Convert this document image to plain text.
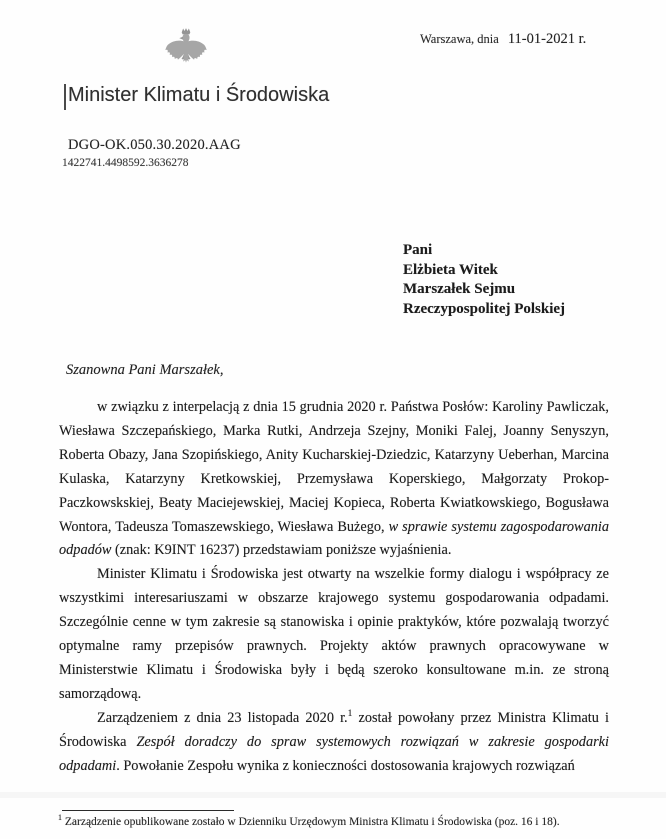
Warszawa, dnia 11-01-2021 r.
Minister Klimatu i Środowiska
DGO-OK.050.30.2020.AAG
1422741.4498592.3636278
Pani
Elżbieta Witek
Marszałek Sejmu
Rzeczypospolitej Polskiej
Szanowna Pani Marszałek,

w związku z interpelacją z dnia 15 grudnia 2020 r. Państwa Posłów: Karoliny Pawliczak, Wiesława Szczepańskiego, Marka Rutki, Andrzeja Szejny, Moniki Falej, Joanny Senyszyn, Roberta Obazy, Jana Szopińskiego, Anity Kucharskiej-Dziedzic, Katarzyny Ueberhan, Marcina Kulaska, Katarzyny Kretkowskiej, Przemysława Koperskiego, Małgorzaty Prokop-Paczkowskskiej, Beaty Maciejewskiej, Maciej Kopieca, Roberta Kwiatkowskiego, Bogusława Wontora, Tadeusza Tomaszewskiego, Wiesława Bużego, w sprawie systemu zagospodarowania odpadów (znak: K9INT 16237) przedstawiam poniższe wyjaśnienia.

Minister Klimatu i Środowiska jest otwarty na wszelkie formy dialogu i współpracy ze wszystkimi interesariuszami w obszarze krajowego systemu gospodarowania odpadami. Szczególnie cenne w tym zakresie są stanowiska i opinie praktyków, które pozwalają tworzyć optymalne ramy przepisów prawnych. Projekty aktów prawnych opracowywane w Ministerstwie Klimatu i Środowiska były i będą szeroko konsultowane m.in. ze stroną samorządową.

Zarządzeniem z dnia 23 listopada 2020 r.$^1$ został powołany przez Ministra Klimatu i Środowiska Zespół doradczy do spraw systemowych rozwiązań w zakresie gospodarki odpadami. Powołanie Zespołu wynika z konieczności dostosowania krajowych rozwiązań

$^1$ Zarządzenie opublikowane zostało w Dzienniku Urzędowym Ministra Klimatu i Środowiska (poz. 16 i 18).
